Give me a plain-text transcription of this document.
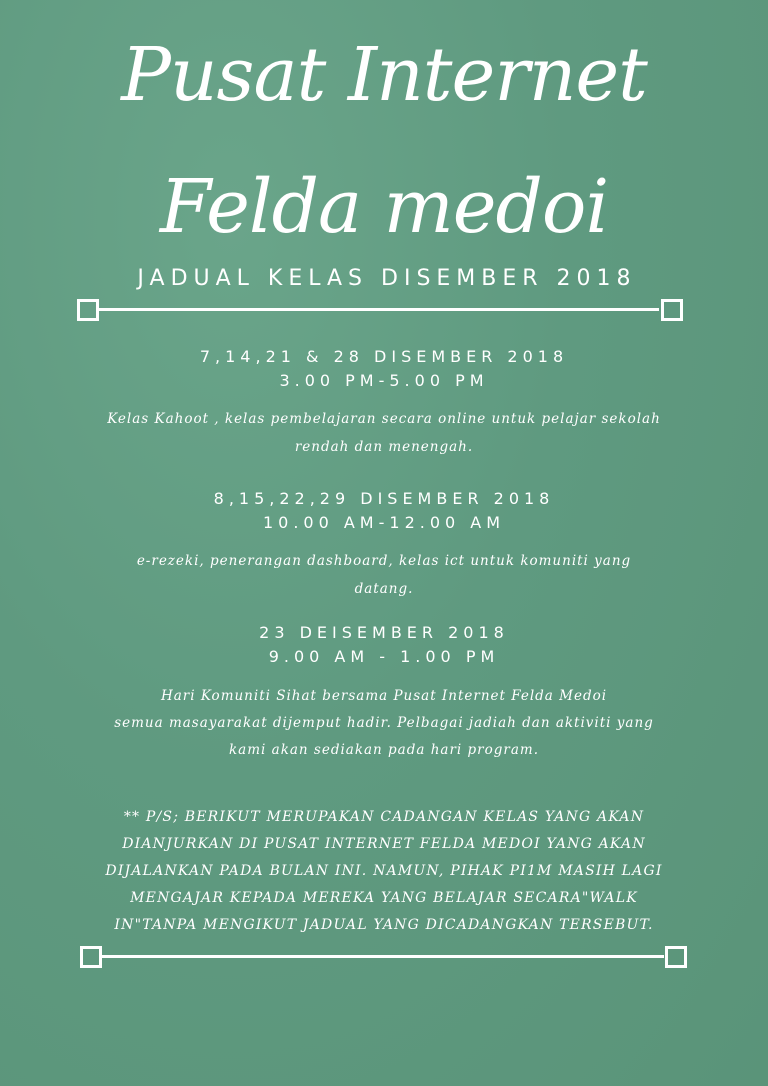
Pusat Internet
Felda medoi
JADUAL KELAS DISEMBER 2018
7,14,21 & 28 DISEMBER 2018
3.00 PM-5.00 PM
Kelas Kahoot , kelas pembelajaran secara online untuk pelajar sekolah
rendah dan menengah.
8,15,22,29 DISEMBER 2018
10.00 AM-12.00 AM
e-rezeki, penerangan dashboard, kelas ict untuk komuniti yang
datang.
23 DEISEMBER 2018
9.00 AM - 1.00 PM
Hari Komuniti Sihat bersama Pusat Internet Felda Medoi
semua masayarakat dijemput hadir. Pelbagai jadiah dan aktiviti yang
kami akan sediakan pada hari program.
** P/S; BERIKUT MERUPAKAN CADANGAN KELAS YANG AKAN
DIANJURKAN DI PUSAT INTERNET FELDA MEDOI YANG AKAN
DIJALANKAN PADA BULAN INI. NAMUN, PIHAK PI1M MASIH LAGI
MENGAJAR KEPADA MEREKA YANG BELAJAR SECARA"WALK
IN"TANPA MENGIKUT JADUAL YANG DICADANGKAN TERSEBUT.
